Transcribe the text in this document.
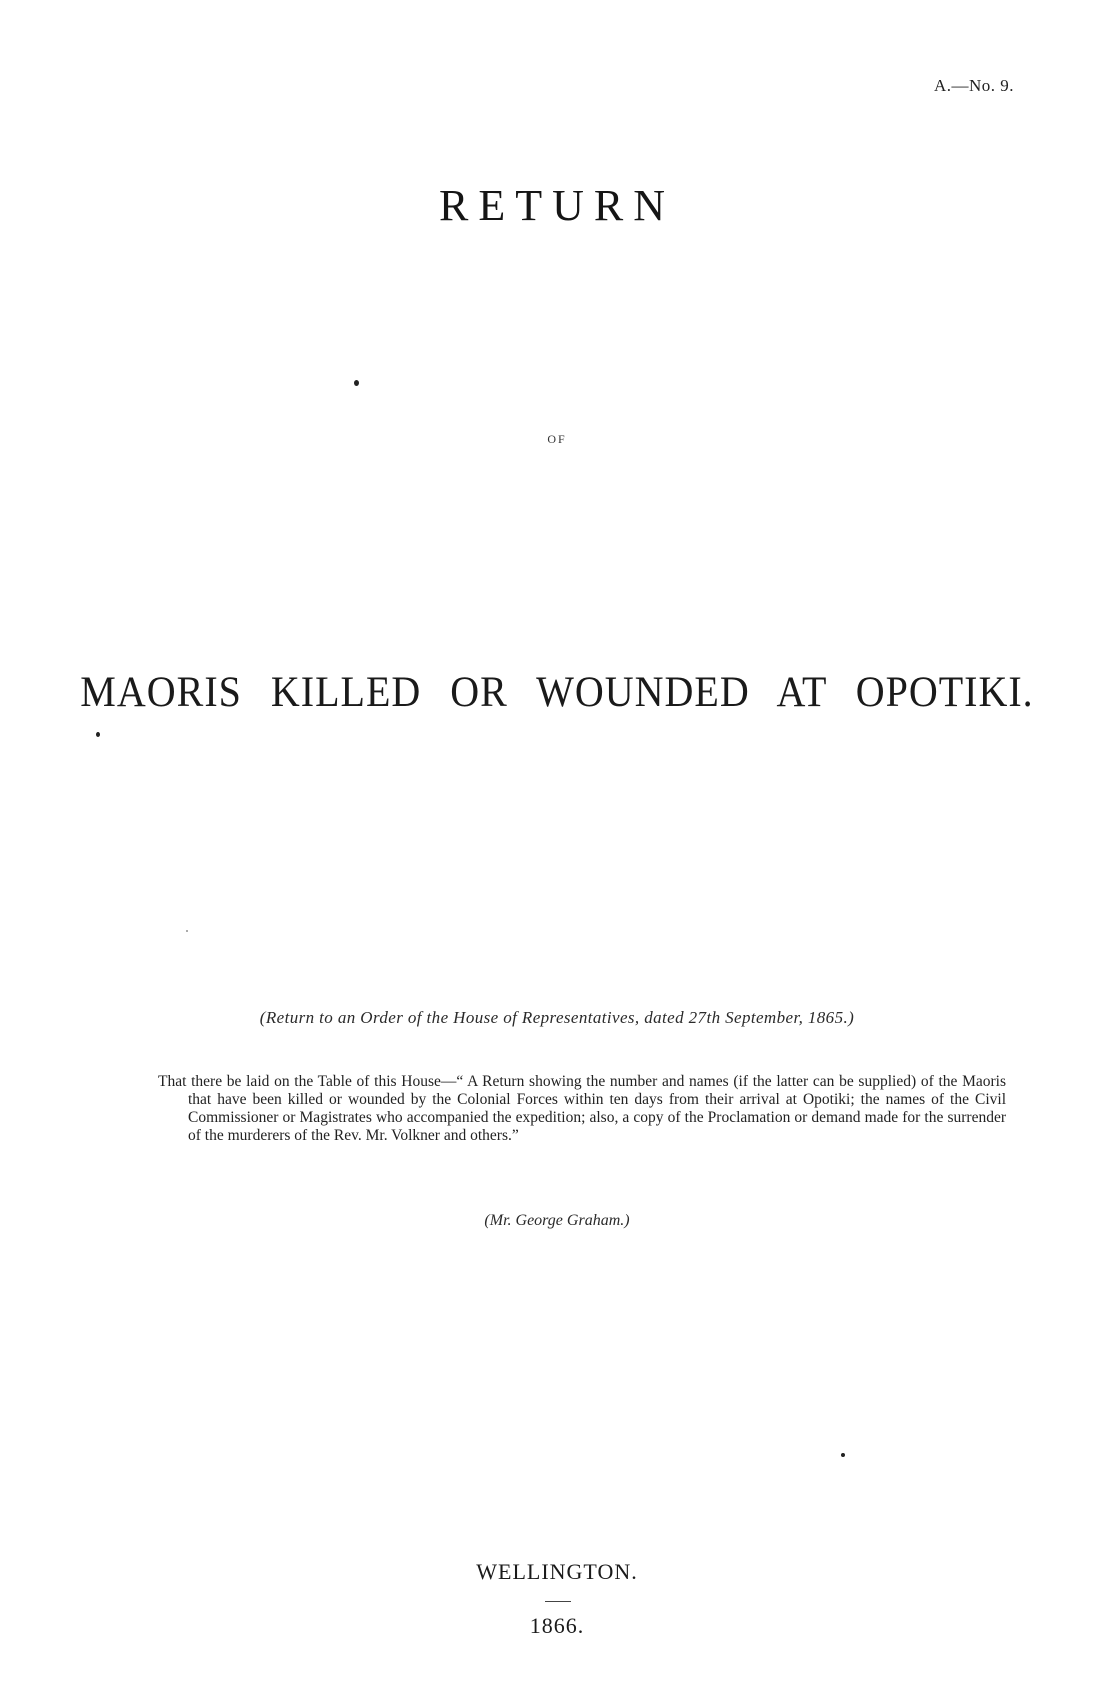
A.—No. 9.
RETURN
OF
MAORIS KILLED OR WOUNDED AT OPOTIKI.
(Return to an Order of the House of Representatives, dated 27th September, 1865.)
That there be laid on the Table of this House—“ A Return showing the number and names (if the latter can be supplied) of the Maoris that have been killed or wounded by the Colonial Forces within ten days from their arrival at Opotiki; the names of the Civil Commissioner or Magistrates who accompanied the expedition; also, a copy of the Proclamation or demand made for the surrender of the murderers of the Rev. Mr. Volkner and others.”
(Mr. George Graham.)
WELLINGTON.
1866.
